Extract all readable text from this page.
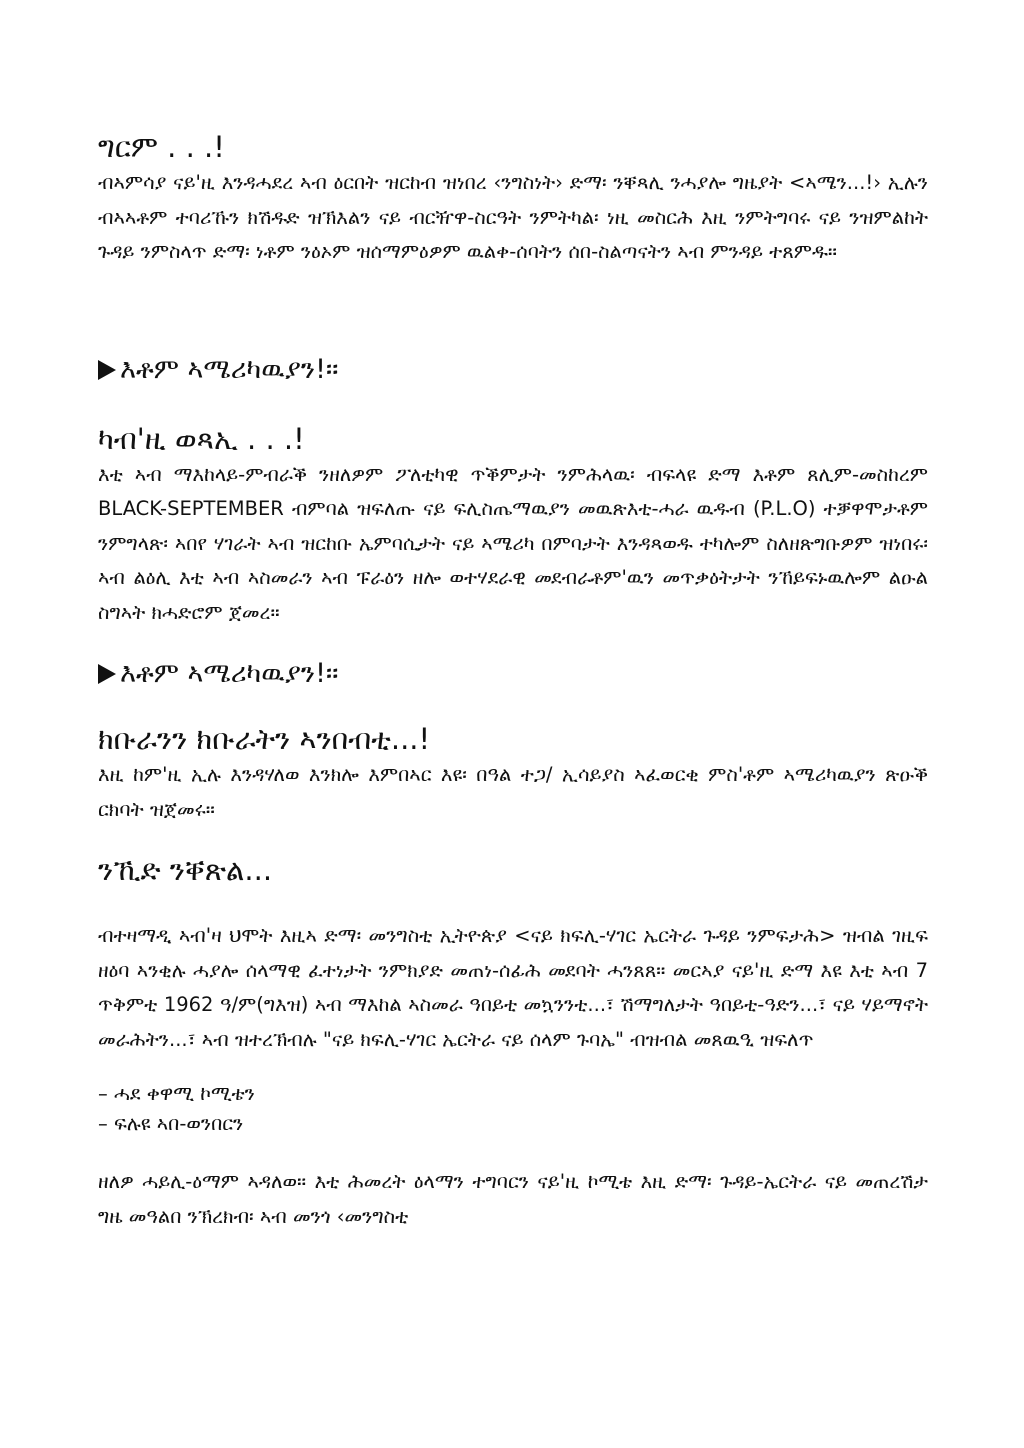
ግርም . . .!

ብኣምሳያ ናይ'ዚ እንዳሓደረ ኣብ ዕርበት ዝርከብ ዝነበረ ‹ንግስነት› ድማ፡ ንቐጻሊ ንሓያሎ ግዜያት <ኣሜን...!› ኢሉን ብኣኣቶም ተባሪኹን ክሽዱድ ዝኽእልን ናይ ብርዥዋ-ስርዓት ንምትካል፡ ነዚ መስርሕ እዚ ንምትግባሩ ናይ ንዝምልከት ጉዳይ ንምስላጥ ድማ፡ ነቶም ንዕኦም ዝሰማምዕዎም ዉልቀ-ሰባትን ሰበ-ስልጣናትን ኣብ ምንዳይ ተጸምዱ።

እቶም ኣሜሪካዉያን!።

ካብ'ዚ ወጻኢ . . .!

እቲ ኣብ ማእከላይ-ምብራቕ ንዘለዎም ፖለቲካዊ ጥቕምታት ንምሕላዉ፡ ብፍላዩ ድማ እቶም ጸሊም-መስከረም BLACK-SEPTEMBER ብምባል ዝፍለጡ ናይ ፍሊስጤማዉያን መዉጽእቲ-ሓራ ዉዱብ (P.L.O) ተቓዋሞታቶም ንምግላጽ፡ ኣበየ ሃገራት ኣብ ዝርከቡ ኤምባሲታት ናይ ኣሜሪካ በምባታት እንዳጻወዱ ተካሎም ስለዘጽግቡዎም ዝነበሩ፡ ኣብ ልዕሊ እቲ ኣብ ኣስመራን ኣብ ፑራዕን ዘሎ ወተሃደራዊ መደብራቶም'ዉን መጥቃዕትታት ንኸይፍኑዉሎም ልዑል ስግኣት ክሓድሮም ጀመረ።

እቶም ኣሜሪካዉያን!።

ክቡራንን ክቡራትን ኣንበብቲ...!

እዚ ከም'ዚ ኢሉ እንዳሃለወ እንክሎ እምበኣር እዩ፡ በዓል ተጋ/ ኢሳይያስ ኣፈወርቂ ምስ'ቶም ኣሜሪካዉያን ጽዑቕ ርክባት ዝጀመሩ።

ንኺድ ንቐጽል...

ብተዛማዲ ኣብ'ዛ ህሞት እዚኣ ድማ፡ መንግስቲ ኢትዮጵያ <ናይ ክፍሊ-ሃገር ኤርትራ ጉዳይ ንምፍታሕ> ዝብል ገዚፍ ዘዕባ ኣንቂሉ ሓያሎ ሰላማዊ ፈተነታት ንምክያድ መጠነ-ሰፊሕ መደባት ሓንጸጸ። መርኣያ ናይ'ዚ ድማ እዩ እቲ ኣብ 7 ጥቅምቲ 1962 ዓ/ም(ግእዝ) ኣብ ማእከል ኣስመራ ዓበይቲ መኳንንቲ...፣ ሽማግለታት ዓበይቲ-ዓድን...፣ ናይ ሃይማኖት መራሕትን...፣ ኣብ ዝተረኽብሉ "ናይ ክፍሊ-ሃገር ኤርትራ ናይ ሰላም ጉባኤ" ብዝብል መጸዉዒ ዝፍለጥ

– ሓደ ቀዋሚ ኮሚቴን

– ፍሉዩ ኣበ-ወንበርን

ዘለዎ ሓይሊ-ዕማም ኣዳለወ። እቲ ሕመረት ዕላማን ተግባርን ናይ'ዚ ኮሚቴ እዚ ድማ፡ ጉዳይ-ኤርትራ ናይ መጠረሽታ ግዜ መዓልበ ንኽረክብ፡ ኣብ መንጎ ‹መንግስቲ
